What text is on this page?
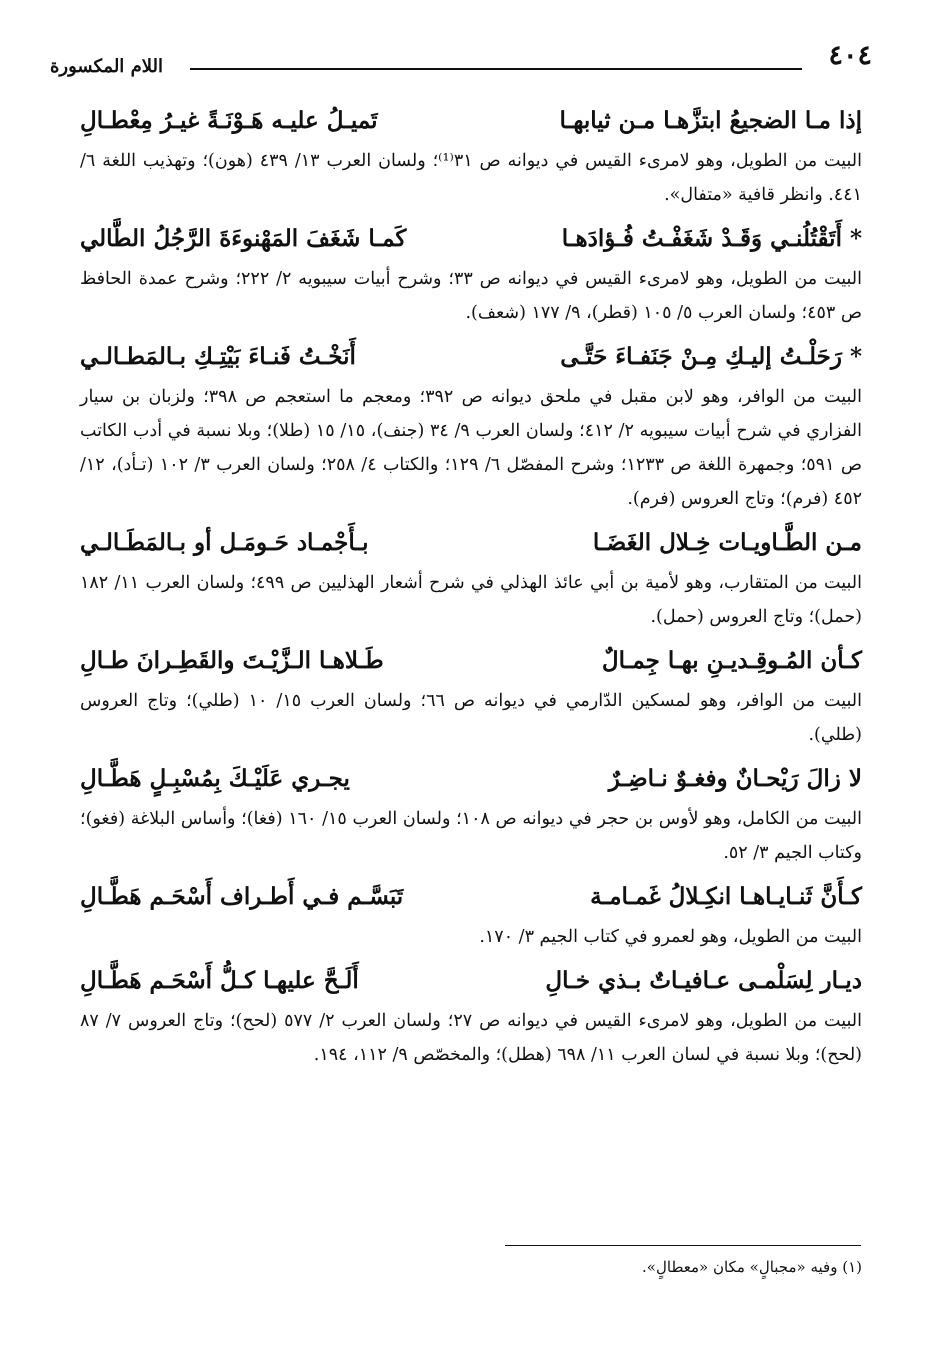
٤٠٤
اللام المكسورة
إذا مـا الضجيعُ ابتزَّهـا مـن ثيابهـا
تَميـلُ عليـه هَـوْنَـةً غيـرُ مِعْطـالِ
البيت من الطويل، وهو لامرىء القيس في ديوانه ص ٣١⁽¹⁾؛ ولسان العرب ١٣/ ٤٣٩ (هون)؛ وتهذيب اللغة ٦/ ٤٤١. وانظر قافية «متفال».
* أَتَقْتُلُنـي وَقَـدْ شَغَفْـتُ فُـؤادَهـا
كَمـا شَغَفَ المَهْنوءَةَ الرَّجُلُ الطَّالي
البيت من الطويل، وهو لامرىء القيس في ديوانه ص ٣٣؛ وشرح أبيات سيبويه ٢/ ٢٢٢؛ وشرح عمدة الحافظ ص ٤٥٣؛ ولسان العرب ٥/ ١٠٥ (قطر)، ٩/ ١٧٧ (شعف).
* رَحَلْـتُ إليـكِ مِـنْ جَنَفـاءَ حَتَّـى
أَنَخْـتُ فَنـاءَ بَيْتِـكِ بـالمَطـالـي
البيت من الوافر، وهو لابن مقبل في ملحق ديوانه ص ٣٩٢؛ ومعجم ما استعجم ص ٣٩٨؛ ولزبان بن سيار الفزاري في شرح أبيات سيبويه ٢/ ٤١٢؛ ولسان العرب ٩/ ٣٤ (جنف)، ١٥/ ١٥ (طلا)؛ وبلا نسبة في أدب الكاتب ص ٥٩١؛ وجمهرة اللغة ص ١٢٣٣؛ وشرح المفصّل ٦/ ١٢٩؛ والكتاب ٤/ ٢٥٨؛ ولسان العرب ٣/ ١٠٢ (تـأد)، ١٢/ ٤٥٢ (فرم)؛ وتاج العروس (فرم).
مـن الطَّـاويـات خِـلال الغَضَـا
بـأَجْمـاد حَـومَـل أو بـالمَطَـالـي
البيت من المتقارب، وهو لأمية بن أبي عائذ الهذلي في شرح أشعار الهذليين ص ٤٩٩؛ ولسان العرب ١١/ ١٨٢ (حمل)؛ وتاج العروس (حمل).
كـأن المُـوقِـديـنِ بهـا جِمـالٌ
طَـلاهـا الـزَّيْـتَ والقَطِـرانَ طـالِ
البيت من الوافر، وهو لمسكين الدّارمي في ديوانه ص ٦٦؛ ولسان العرب ١٥/ ١٠ (طلي)؛ وتاج العروس (طلي).
لا زالَ رَيْحـانٌ وفغـوٌ نـاضِـرٌ
يجـري عَلَيْـكَ بِمُسْبِـلٍ هَطَّـالِ
البيت من الكامل، وهو لأوس بن حجر في ديوانه ص ١٠٨؛ ولسان العرب ١٥/ ١٦٠ (فغا)؛ وأساس البلاغة (فغو)؛ وكتاب الجيم ٣/ ٥٢.
كـأَنَّ ثَنـايـاهـا انكِـلالُ غَمـامـة
تَبَسَّـم فـي أَطـراف أَسْحَـم هَطَّـالِ
البيت من الطويل، وهو لعمرو في كتاب الجيم ٣/ ١٧٠.
ديـار لِسَلْمـى عـافيـاتٌ بـذي خـالِ
أَلَـحَّ عليهـا كـلُّ أَسْحَـم هَطَّـالِ
البيت من الطويل، وهو لامرىء القيس في ديوانه ص ٢٧؛ ولسان العرب ٢/ ٥٧٧ (لحح)؛ وتاج العروس ٧/ ٨٧ (لحح)؛ وبلا نسبة في لسان العرب ١١/ ٦٩٨ (هطل)؛ والمخصّص ٩/ ١١٢، ١٩٤.
(١) وفيه «مجبالٍ» مكان «معطالٍ».
